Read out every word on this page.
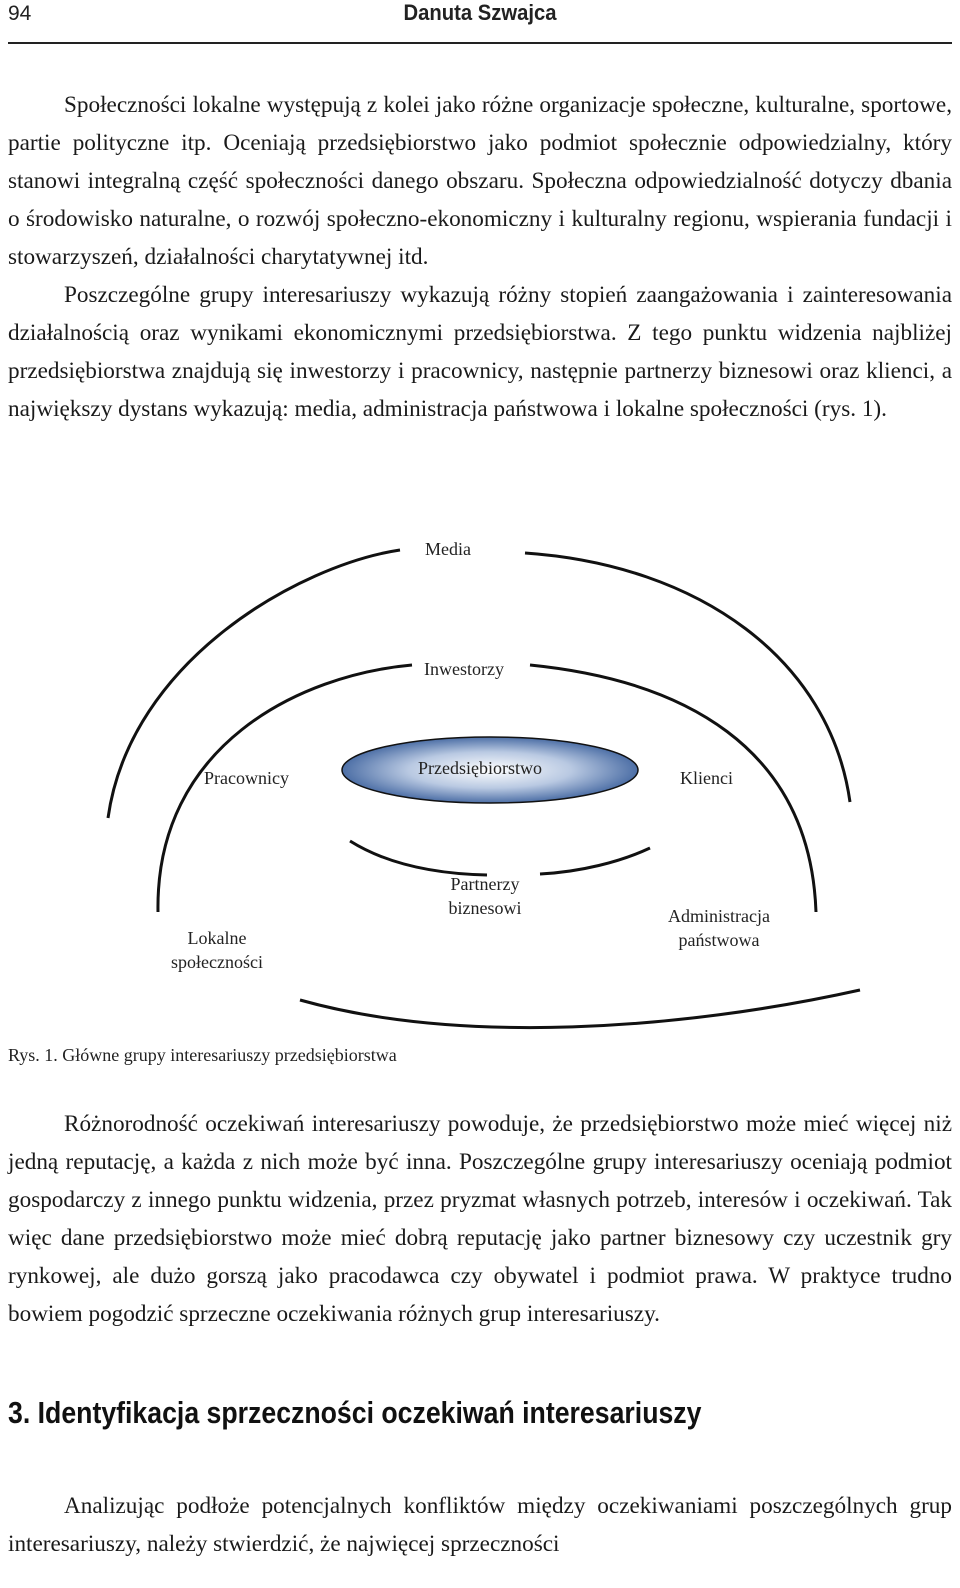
94	Danuta Szwajca

Społeczności lokalne występują z kolei jako różne organizacje społeczne, kulturalne, sportowe, partie polityczne itp. Oceniają przedsiębiorstwo jako podmiot społecznie odpowiedzialny, który stanowi integralną część społeczności danego obszaru. Społeczna odpowiedzialność dotyczy dbania o środowisko naturalne, o rozwój społeczno-ekonomiczny i kulturalny regionu, wspierania fundacji i stowarzyszeń, działalności charytatywnej itd.

Poszczególne grupy interesariuszy wykazują różny stopień zaangażowania i zainteresowania działalnością oraz wynikami ekonomicznymi przedsiębiorstwa. Z tego punktu widzenia najbliżej przedsiębiorstwa znajdują się inwestorzy i pracownicy, następnie partnerzy biznesowi oraz klienci, a największy dystans wykazują: media, administracja państwowa i lokalne społeczności (rys. 1).

Media
Inwestorzy
Pracownicy	Przedsiębiorstwo	Klienci
Partnerzy
biznesowi
Lokalne
społeczności
Administracja
państwowa
Rys. 1. Główne grupy interesariuszy przedsiębiorstwa

Różnorodność oczekiwań interesariuszy powoduje, że przedsiębiorstwo może mieć więcej niż jedną reputację, a każda z nich może być inna. Poszczególne grupy interesariuszy oceniają podmiot gospodarczy z innego punktu widzenia, przez pryzmat własnych potrzeb, interesów i oczekiwań. Tak więc dane przedsiębiorstwo może mieć dobrą reputację jako partner biznesowy czy uczestnik gry rynkowej, ale dużo gorszą jako pracodawca czy obywatel i podmiot prawa. W praktyce trudno bowiem pogodzić sprzeczne oczekiwania różnych grup interesariuszy.

3. Identyfikacja sprzeczności oczekiwań interesariuszy

Analizując podłoże potencjalnych konfliktów między oczekiwaniami poszczególnych grup interesariuszy, należy stwierdzić, że najwięcej sprzeczności
